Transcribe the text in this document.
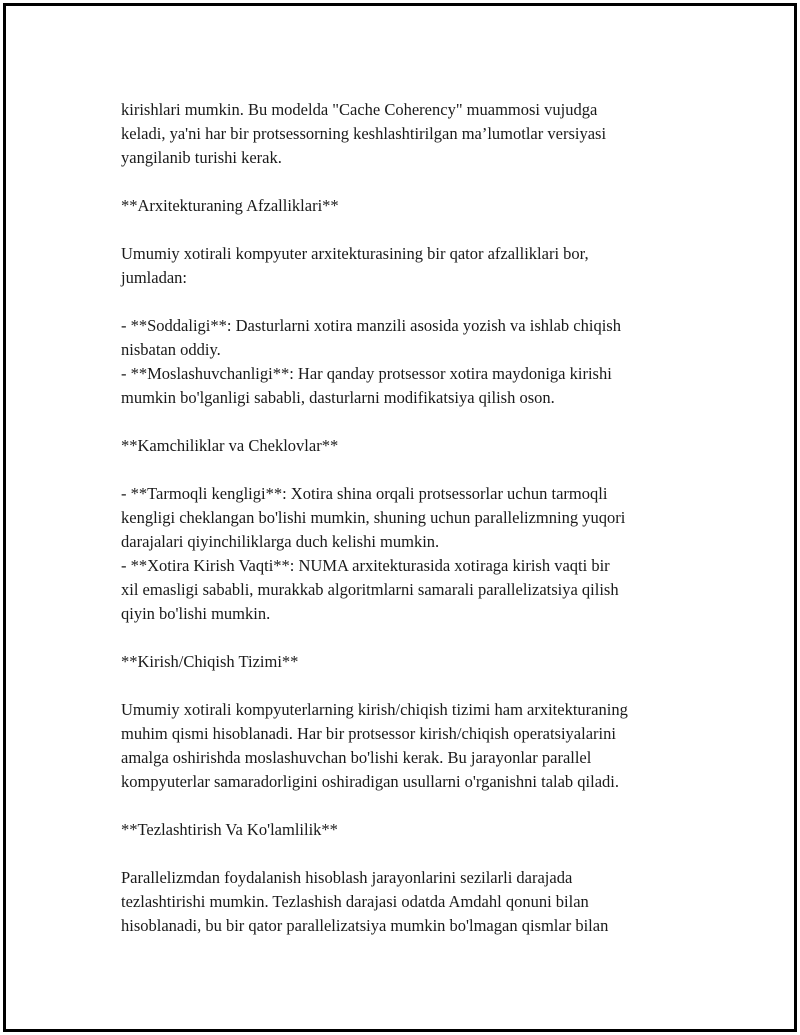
kirishlari mumkin. Bu modelda "Cache Coherency" muammosi vujudga
keladi, ya'ni har bir protsessorning keshlashtirilgan ma’lumotlar versiyasi
yangilanib turishi kerak.

**Arxitekturaning Afzalliklari**

Umumiy xotirali kompyuter arxitekturasining bir qator afzalliklari bor,
jumladan:

- **Soddaligi**: Dasturlarni xotira manzili asosida yozish va ishlab chiqish
nisbatan oddiy.
- **Moslashuvchanligi**: Har qanday protsessor xotira maydoniga kirishi
mumkin bo'lganligi sababli, dasturlarni modifikatsiya qilish oson.

**Kamchiliklar va Cheklovlar**

- **Tarmoqli kengligi**: Xotira shina orqali protsessorlar uchun tarmoqli
kengligi cheklangan bo'lishi mumkin, shuning uchun parallelizmning yuqori
darajalari qiyinchiliklarga duch kelishi mumkin.
- **Xotira Kirish Vaqti**: NUMA arxitekturasida xotiraga kirish vaqti bir
xil emasligi sababli, murakkab algoritmlarni samarali parallelizatsiya qilish
qiyin bo'lishi mumkin.

**Kirish/Chiqish Tizimi**

Umumiy xotirali kompyuterlarning kirish/chiqish tizimi ham arxitekturaning
muhim qismi hisoblanadi. Har bir protsessor kirish/chiqish operatsiyalarini
amalga oshirishda moslashuvchan bo'lishi kerak. Bu jarayonlar parallel
kompyuterlar samaradorligini oshiradigan usullarni o'rganishni talab qiladi.

**Tezlashtirish Va Ko'lamlilik**

Parallelizmdan foydalanish hisoblash jarayonlarini sezilarli darajada
tezlashtirishi mumkin. Tezlashish darajasi odatda Amdahl qonuni bilan
hisoblanadi, bu bir qator parallelizatsiya mumkin bo'lmagan qismlar bilan
